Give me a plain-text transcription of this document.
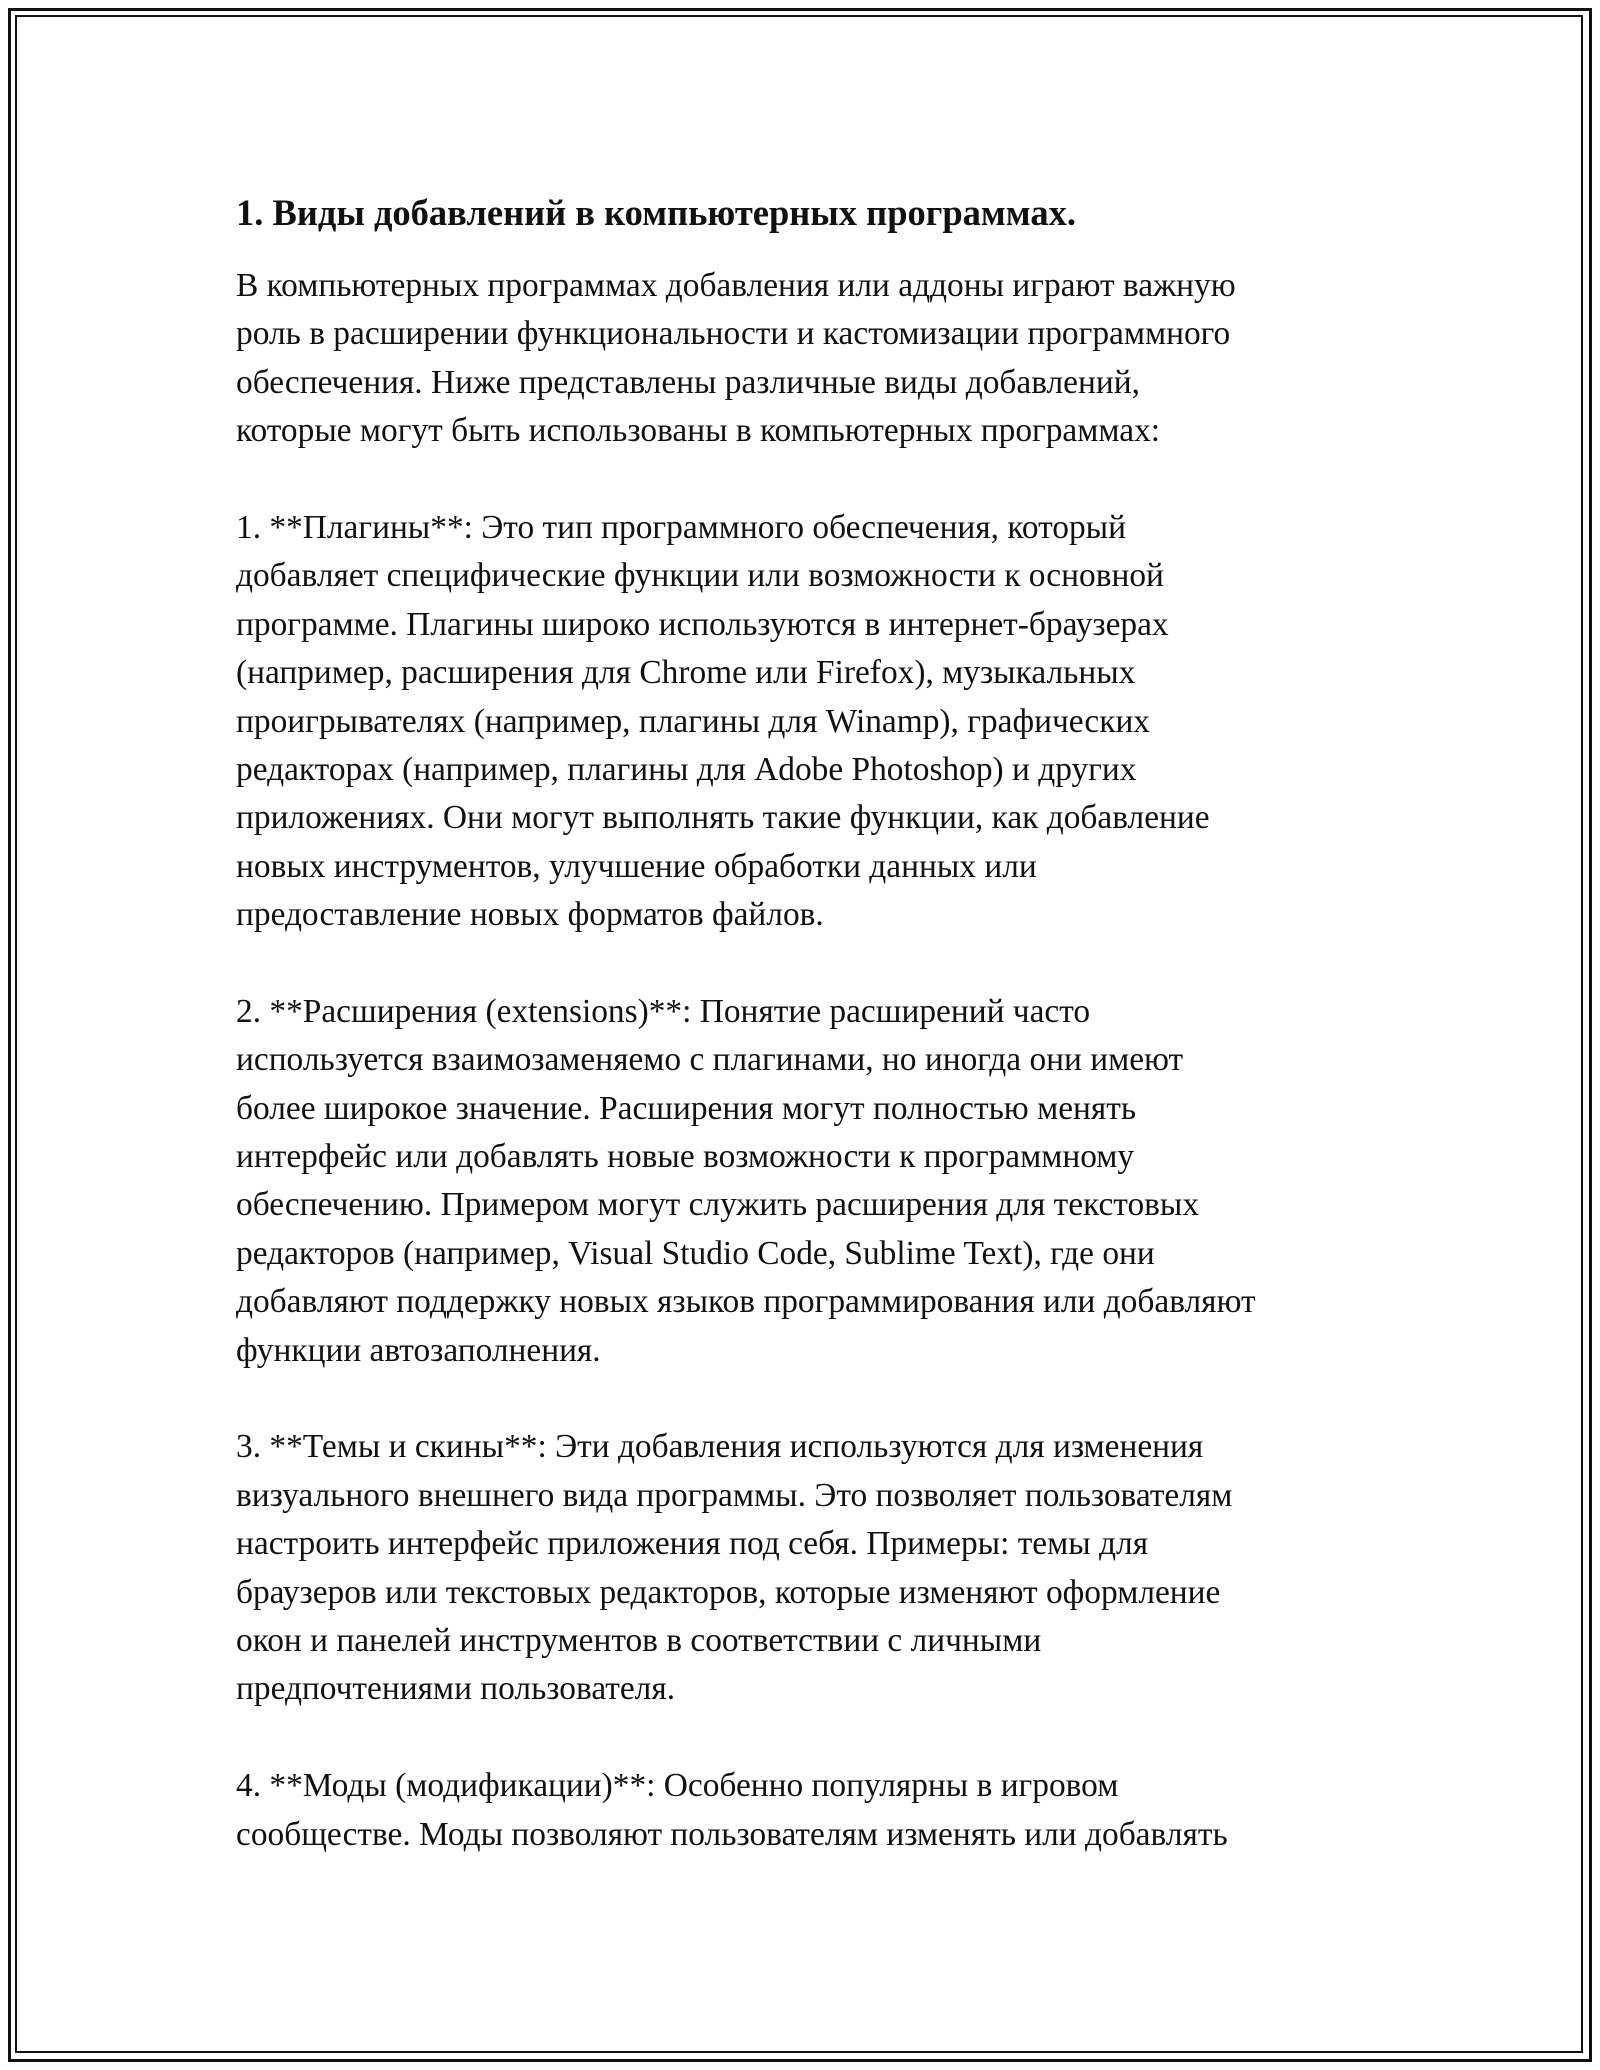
1. Виды добавлений в компьютерных программах.
В компьютерных программах добавления или аддоны играют важную
роль в расширении функциональности и кастомизации программного
обеспечения. Ниже представлены различные виды добавлений,
которые могут быть использованы в компьютерных программах:
1. **Плагины**: Это тип программного обеспечения, который
добавляет специфические функции или возможности к основной
программе. Плагины широко используются в интернет-браузерах
(например, расширения для Chrome или Firefox), музыкальных
проигрывателях (например, плагины для Winamp), графических
редакторах (например, плагины для Adobe Photoshop) и других
приложениях. Они могут выполнять такие функции, как добавление
новых инструментов, улучшение обработки данных или
предоставление новых форматов файлов.
2. **Расширения (extensions)**: Понятие расширений часто
используется взаимозаменяемо с плагинами, но иногда они имеют
более широкое значение. Расширения могут полностью менять
интерфейс или добавлять новые возможности к программному
обеспечению. Примером могут служить расширения для текстовых
редакторов (например, Visual Studio Code, Sublime Text), где они
добавляют поддержку новых языков программирования или добавляют
функции автозаполнения.
3. **Темы и скины**: Эти добавления используются для изменения
визуального внешнего вида программы. Это позволяет пользователям
настроить интерфейс приложения под себя. Примеры: темы для
браузеров или текстовых редакторов, которые изменяют оформление
окон и панелей инструментов в соответствии с личными
предпочтениями пользователя.
4. **Моды (модификации)**: Особенно популярны в игровом
сообществе. Моды позволяют пользователям изменять или добавлять
